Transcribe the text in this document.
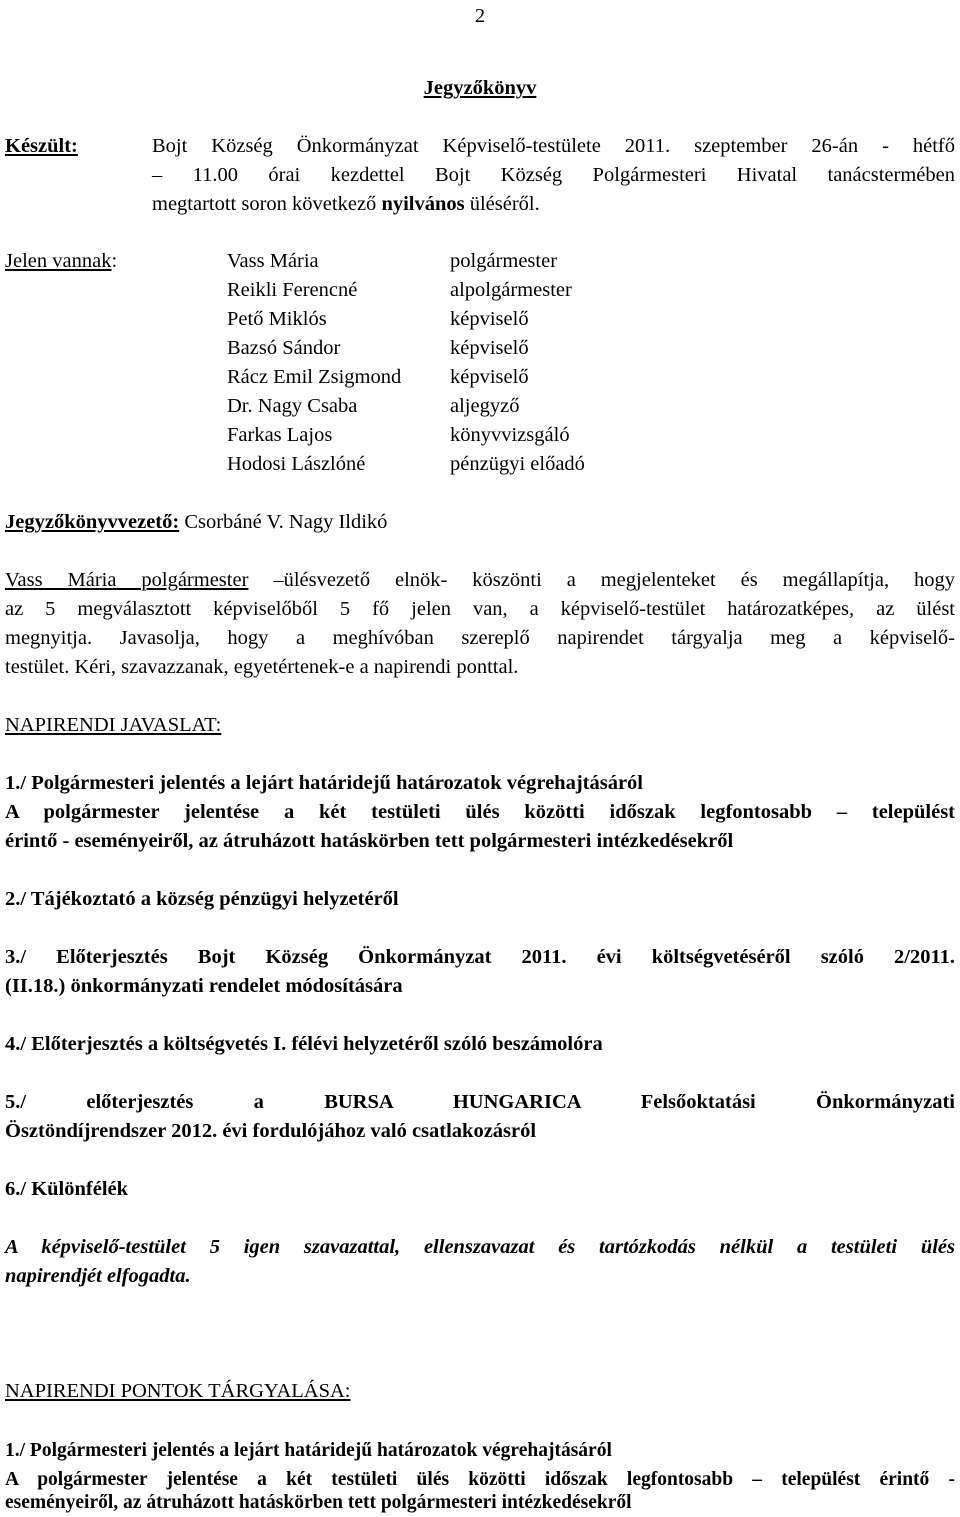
2
Jegyzőkönyv
Készült:	Bojt Község Önkormányzat Képviselő-testülete 2011. szeptember 26-án - hétfő
– 11.00 órai kezdettel Bojt Község Polgármesteri Hivatal tanácstermében
megtartott soron következő nyilvános üléséről.
Jelen vannak:	Vass Mária	polgármester
Reikli Ferencné	alpolgármester
Pető Miklós	képviselő
Bazsó Sándor	képviselő
Rácz Emil Zsigmond képviselő
Dr. Nagy Csaba	aljegyző
Farkas Lajos	könyvvizsgáló
Hodosi Lászlóné	pénzügyi előadó
Jegyzőkönyvvezető: Csorbáné V. Nagy Ildikó
Vass Mária polgármester –ülésvezető elnök- köszönti a megjelenteket és megállapítja, hogy
az 5 megválasztott képviselőből 5 fő jelen van, a képviselő-testület határozatképes, az ülést
megnyitja. Javasolja, hogy a meghívóban szereplő napirendet tárgyalja meg a képviselő-
testület. Kéri, szavazzanak, egyetértenek-e a napirendi ponttal.
NAPIRENDI JAVASLAT:
1./ Polgármesteri jelentés a lejárt határidejű határozatok végrehajtásáról
A polgármester jelentése a két testületi ülés közötti időszak legfontosabb – települést
érintő - eseményeiről, az átruházott hatáskörben tett polgármesteri intézkedésekről
2./ Tájékoztató a község pénzügyi helyzetéről
3./ Előterjesztés Bojt Község Önkormányzat 2011. évi költségvetéséről szóló 2/2011.
(II.18.) önkormányzati rendelet módosítására
4./ Előterjesztés a költségvetés I. félévi helyzetéről szóló beszámolóra
5./ előterjesztés a BURSA HUNGARICA Felsőoktatási Önkormányzati
Ösztöndíjrendszer 2012. évi fordulójához való csatlakozásról
6./ Különfélék
A képviselő-testület 5 igen szavazattal, ellenszavazat és tartózkodás nélkül a testületi ülés
napirendjét elfogadta.
NAPIRENDI PONTOK TÁRGYALÁSA:
1./ Polgármesteri jelentés a lejárt határidejű határozatok végrehajtásáról
A polgármester jelentése a két testületi ülés közötti időszak legfontosabb – települést érintő -
eseményeiről, az átruházott hatáskörben tett polgármesteri intézkedésekről
